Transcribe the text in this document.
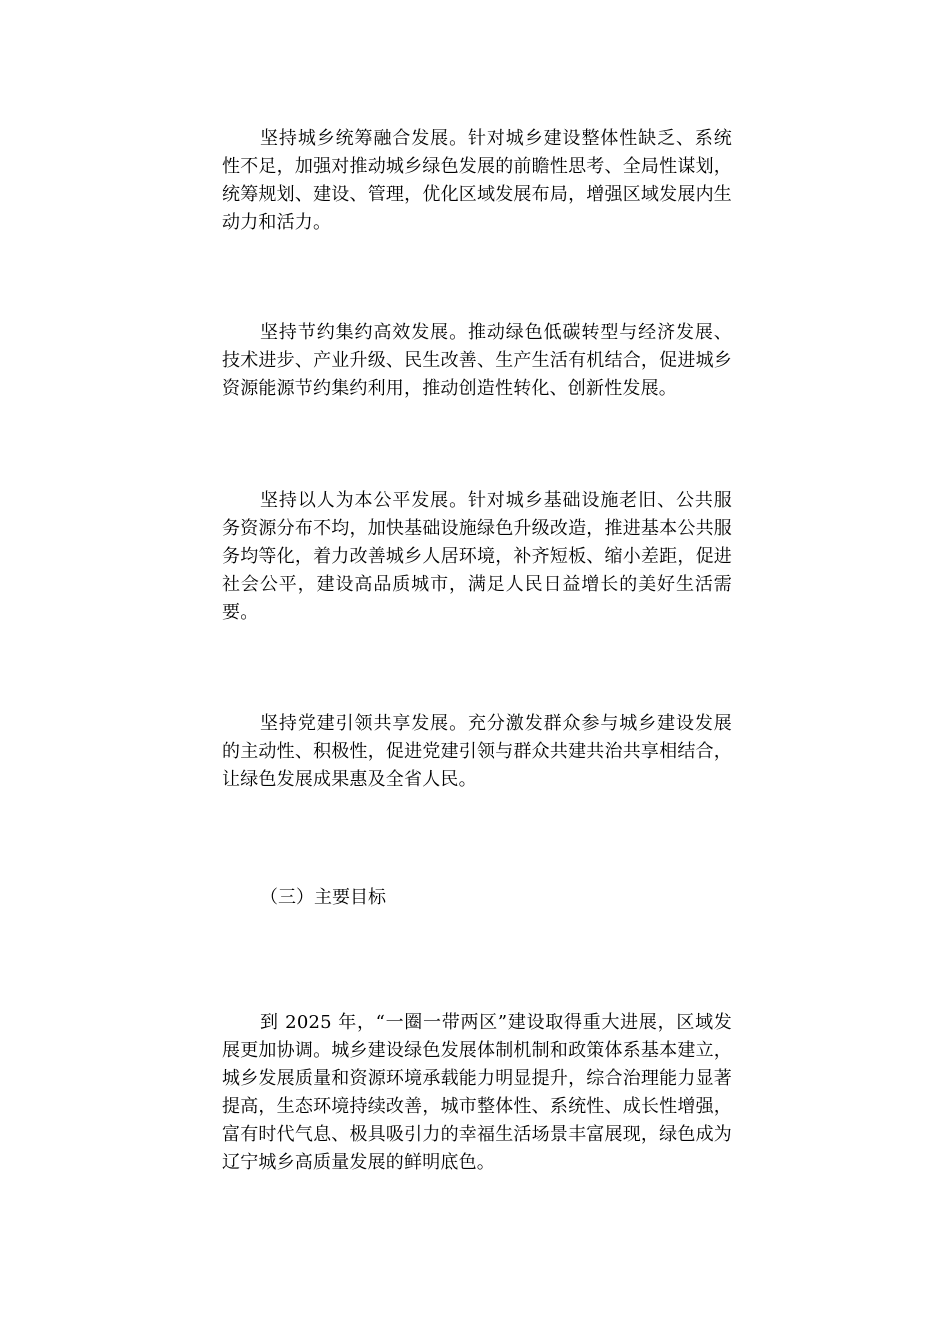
坚持城乡统筹融合发展。针对城乡建设整体性缺乏、系统性不足，加强对推动城乡绿色发展的前瞻性思考、全局性谋划，统筹规划、建设、管理，优化区域发展布局，增强区域发展内生动力和活力。

坚持节约集约高效发展。推动绿色低碳转型与经济发展、技术进步、产业升级、民生改善、生产生活有机结合，促进城乡资源能源节约集约利用，推动创造性转化、创新性发展。

坚持以人为本公平发展。针对城乡基础设施老旧、公共服务资源分布不均，加快基础设施绿色升级改造，推进基本公共服务均等化，着力改善城乡人居环境，补齐短板、缩小差距，促进社会公平，建设高品质城市，满足人民日益增长的美好生活需要。

坚持党建引领共享发展。充分激发群众参与城乡建设发展的主动性、积极性，促进党建引领与群众共建共治共享相结合，让绿色发展成果惠及全省人民。

（三）主要目标

到 2025 年，“一圈一带两区”建设取得重大进展，区域发展更加协调。城乡建设绿色发展体制机制和政策体系基本建立，城乡发展质量和资源环境承载能力明显提升，综合治理能力显著提高，生态环境持续改善，城市整体性、系统性、成长性增强，富有时代气息、极具吸引力的幸福生活场景丰富展现，绿色成为辽宁城乡高质量发展的鲜明底色。
